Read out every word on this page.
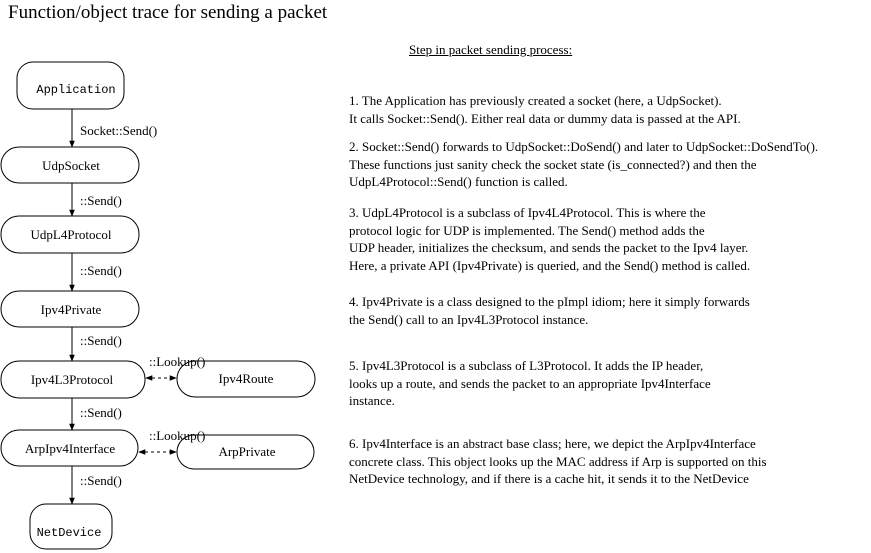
Function/object trace for sending a packet
Application
UdpSocket
UdpL4Protocol
Ipv4Private
Ipv4L3Protocol	Ipv4Route
ArpIpv4Interface	ArpPrivate
NetDevice
Socket::Send()
::Send()
::Send()
::Send()
::Send()
::Send()
::Lookup()
::Lookup()
Step in packet sending process:
1. The Application has previously created a socket (here, a UdpSocket).
It calls Socket::Send(). Either real data or dummy data is passed at the API.
2. Socket::Send() forwards to UdpSocket::DoSend() and later to UdpSocket::DoSendTo().
These functions just sanity check the socket state (is_connected?) and then the
UdpL4Protocol::Send() function is called.
3. UdpL4Protocol is a subclass of Ipv4L4Protocol. This is where the
protocol logic for UDP is implemented. The Send() method adds the
UDP header, initializes the checksum, and sends the packet to the Ipv4 layer.
Here, a private API (Ipv4Private) is queried, and the Send() method is called.
4. Ipv4Private is a class designed to the pImpl idiom; here it simply forwards
the Send() call to an Ipv4L3Protocol instance.
5. Ipv4L3Protocol is a subclass of L3Protocol. It adds the IP header,
looks up a route, and sends the packet to an appropriate Ipv4Interface
instance.
6. Ipv4Interface is an abstract base class; here, we depict the ArpIpv4Interface
concrete class. This object looks up the MAC address if Arp is supported on this
NetDevice technology, and if there is a cache hit, it sends it to the NetDevice
